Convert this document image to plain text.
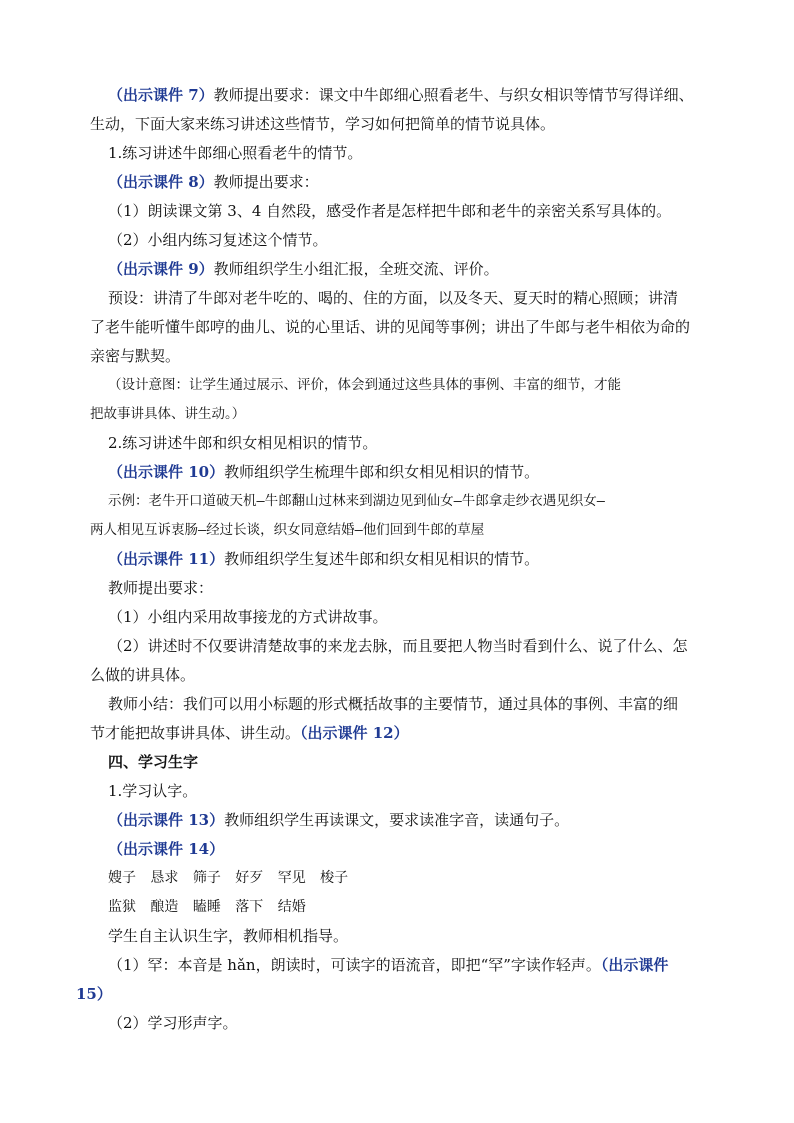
（出示课件 7）教师提出要求：课文中牛郎细心照看老牛、与织女相识等情节写得详细、
生动，下面大家来练习讲述这些情节，学习如何把简单的情节说具体。
1.练习讲述牛郎细心照看老牛的情节。
（出示课件 8）教师提出要求：
（1）朗读课文第 3、4 自然段，感受作者是怎样把牛郎和老牛的亲密关系写具体的。
（2）小组内练习复述这个情节。
（出示课件 9）教师组织学生小组汇报，全班交流、评价。
预设：讲清了牛郎对老牛吃的、喝的、住的方面，以及冬天、夏天时的精心照顾；讲清
了老牛能听懂牛郎哼的曲儿、说的心里话、讲的见闻等事例；讲出了牛郎与老牛相依为命的
亲密与默契。
（设计意图：让学生通过展示、评价，体会到通过这些具体的事例、丰富的细节，才能
把故事讲具体、讲生动。）
2.练习讲述牛郎和织女相见相识的情节。
（出示课件 10）教师组织学生梳理牛郎和织女相见相识的情节。
示例：老牛开口道破天机—牛郎翻山过林来到湖边见到仙女—牛郎拿走纱衣遇见织女—
两人相见互诉衷肠—经过长谈，织女同意结婚—他们回到牛郎的草屋
（出示课件 11）教师组织学生复述牛郎和织女相见相识的情节。
教师提出要求：
（1）小组内采用故事接龙的方式讲故事。
（2）讲述时不仅要讲清楚故事的来龙去脉，而且要把人物当时看到什么、说了什么、怎
么做的讲具体。
教师小结：我们可以用小标题的形式概括故事的主要情节，通过具体的事例、丰富的细
节才能把故事讲具体、讲生动。（出示课件 12）
四、学习生字
1.学习认字。
（出示课件 13）教师组织学生再读课文，要求读准字音，读通句子。
（出示课件 14）
嫂子 恳求 筛子 好歹 罕见 梭子
监狱 酿造 瞌睡 落下 结婚
学生自主认识生字，教师相机指导。
（1）罕：本音是 hǎn，朗读时，可读字的语流音，即把“罕”字读作轻声。（出示课件
15）
（2）学习形声字。
